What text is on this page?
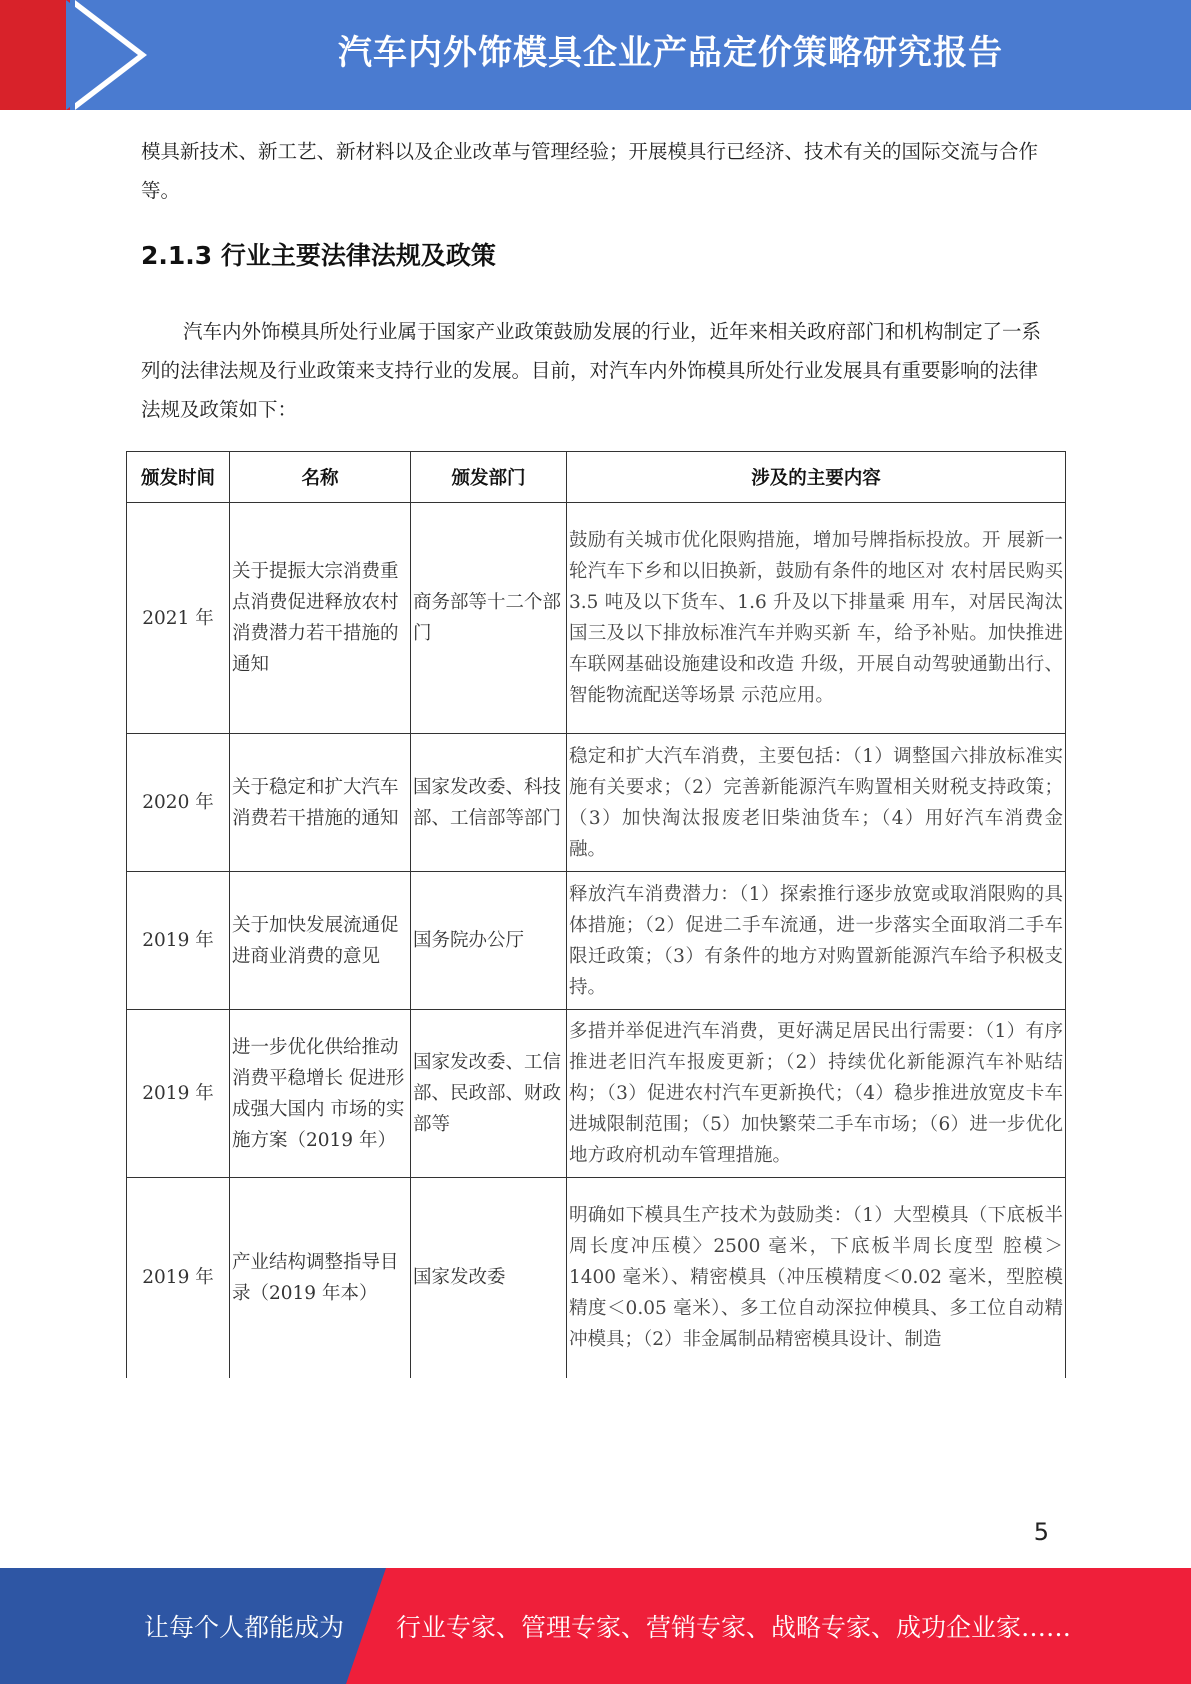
汽车内外饰模具企业产品定价策略研究报告
模具新技术、新工艺、新材料以及企业改革与管理经验；开展模具行已经济、技术有关的国际交流与合作等。
2.1.3 行业主要法律法规及政策
汽车内外饰模具所处行业属于国家产业政策鼓励发展的行业，近年来相关政府部门和机构制定了一系列的法律法规及行业政策来支持行业的发展。目前，对汽车内外饰模具所处行业发展具有重要影响的法律法规及政策如下：
颁发时间	名称	颁发部门	涉及的主要内容
2021 年	关于提振大宗消费重点消费促进释放农村消费潜力若干措施的通知	商务部等十二个部门	鼓励有关城市优化限购措施，增加号牌指标投放。开 展新一轮汽车下乡和以旧换新，鼓励有条件的地区对 农村居民购买 3.5 吨及以下货车、1.6 升及以下排量乘 用车，对居民淘汰国三及以下排放标准汽车并购买新 车，给予补贴。加快推进车联网基础设施建设和改造 升级，开展自动驾驶通勤出行、智能物流配送等场景 示范应用。
2020 年	关于稳定和扩大汽车消费若干措施的通知	国家发改委、科技部、工信部等部门	稳定和扩大汽车消费，主要包括：（1）调整国六排放标准实施有关要求；（2）完善新能源汽车购置相关财税支持政策；（3）加快淘汰报废老旧柴油货车；（4）用好汽车消费金融。
2019 年	关于加快发展流通促进商业消费的意见	国务院办公厅	释放汽车消费潜力：（1）探索推行逐步放宽或取消限购的具体措施；（2）促进二手车流通，进一步落实全面取消二手车限迁政策；（3）有条件的地方对购置新能源汽车给予积极支持。
2019 年	进一步优化供给推动消费平稳增长 促进形成强大国内 市场的实施方案（2019 年）	国家发改委、工信部、民政部、财政部等	多措并举促进汽车消费，更好满足居民出行需要：（1）有序推进老旧汽车报废更新；（2）持续优化新能源汽车补贴结构；（3）促进农村汽车更新换代；（4）稳步推进放宽皮卡车进城限制范围；（5）加快繁荣二手车市场；（6）进一步优化地方政府机动车管理措施。
2019 年	产业结构调整指导目录（2019 年本）	国家发改委	明确如下模具生产技术为鼓励类：（1）大型模具（下底板半周长度冲压模〉2500 毫米，下底板半周长度型 腔模＞1400 毫米）、精密模具（冲压模精度＜0.02 毫米，型腔模精度＜0.05 毫米）、多工位自动深拉伸模具、多工位自动精冲模具；（2）非金属制品精密模具设计、制造
5
让每个人都能成为 行业专家、管理专家、营销专家、战略专家、成功企业家……
